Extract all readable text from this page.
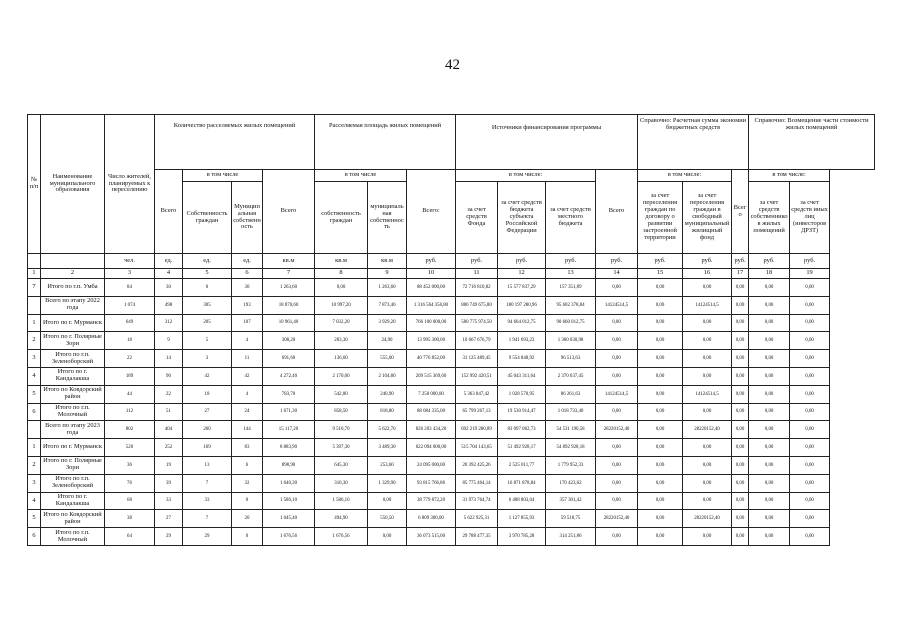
42
№ п/п	Наименование муниципального образования	Число жителей, планируемых к переселению	Количество расселяемых жилых помещений				Расселяемая площадь жилых помещений			Источники финансирования программы				Справочно: Расчетная сумма экономии бюджетных средств			Справочно: Возмещение части стоимости жилых помещений	
			Всего	в том числе		Всего	в том числе		Всего:	в том числе:			Всего	в том числе:		Всего	в том числе:	
				Собственность граждан	Муниципальная собственность		собственность граждан	муниципальная собственность		за счет средств Фонда	за счет средств бюджета субъекта Российской Федерации	за счет средств местного бюджета		за счет переселения граждан по договору о развитии застроенной территории	за счет переселения граждан в свободный муниципальный жилищный фонд		за счет средств собственников жилых помещений	за счет средств иных лиц (инвесторов ДРЗТ)
		чел.	ед.	ед.	ед.	кв.м	кв.м	кв.м	руб.	руб.	руб.	руб.	руб.	руб.	руб.	руб.	руб.	руб.
1	2	3	4	5	6	7	8	9	10	11	12	13	14	15	16	17	18	19
7	Итого по г.п. Умба	84	30	0	30	1 263,60	0,00	1 263,60	88 452 000,00	72 716 810,82	15 577 837,29	157 351,89	0,00	0,00	0,00	0,00	0,00	0,00
	Всего по этапу 2022 года	1 074	498	305	193	18 870,60	10 997,20	7 873,40	1 316 564 356,80	880 749 675,80	180 197 280,96	95 602 378,84	14124514,5	0,00	14124514,5	0,00	0,00	0,00
1	Итого по г. Мурманск	649	312	205	107	10 961,40	7 032,20	3 929,20	766 100 000,00	580 775 974,50	94 664 012,75	90 660 012,75	0,00	0,00	0,00	0,00	0,00	0,00
2	Итого по г. Полярные Зори	18	9	5	4	308,20	283,30	24,90	13 995 300,00	10 667 676,79	1 941 693,23	1 360 030,98	0,00	0,00	0,00	0,00	0,00	0,00
3	Итого по г.п. Зеленоборский	22	14	3	11	691,60	136,60	555,00	40 776 852,00	31 125 489,45	9 554 848,92	96 513,63	0,00	0,00	0,00	0,00	0,00	0,00
4	Итого по г. Кандалакша	189	90	42	42	4 272,40	2 170,00	2 104,80	209 515 369,60	152 992 420,51	45 043 311,64	2 370 637,45	0,00	0,00	0,00	0,00	0,00	0,00
5	Итого по Ковдорский район	44	22	18	4	783,70	542,80	240,90	7 250 000,00	5 363 847,42	1 028 570,95	86 261,63	14124514,5	0,00	14124514,5	0,00	0,00	0,00
6	Итого по г.п. Молочный	112	51	27	24	1 671,30	858,50	818,80	88 084 335,00	65 799 267,13	19 530 914,47	1 018 733,40	0,00	0,00	0,00	0,00	0,00	0,00
	Всего по этапу 2023 года	802	404	260	144	15 117,20	9 510,70	5 622,70	826 203 434,20	692 219 280,89	83 097 062,73	54 531 190,58	28220152,40	0,00	28220152,40	0,00	0,00	0,00
1	Итого по г. Мурманск	520	252	169	83	8 883,90	5 397,30	3 489,30	622 094 000,00	515 704 143,65	51 492 928,17	54 892 928,18	0,00	0,00	0,00	0,00	0,00	0,00
2	Итого по г. Полярные Зори	36	19	13	6	898,90	645,30	253,60	24 095 000,00	20 392 425,26	2 525 011,77	1 779 952,33	0,00	0,00	0,00	0,00	0,00	0,00
3	Итого по г.п. Зеленоборский	76	39	7	32	1 640,30	310,30	1 329,90	93 815 766,86	85 775 464,14	16 871 878,84	170 423,62	0,00	0,00	0,00	0,00	0,00	0,00
4	Итого по г. Кандалакша	68	33	33	0	1 586,10	1 586,10	0,00	38 779 872,20	31 973 764,74	6 408 803,04	357 301,42	0,00	0,00	0,00	0,00	0,00	0,00
5	Итого по Ковдорский район	38	27	7	20	1 045,40	494,90	550,50	6 809 300,00	5 622 925,31	1 127 855,93	59 518,75	28220152,40	0,00	28220152,40	0,00	0,00	0,00
6	Итого по г.п. Молочный	64	29	29	0	1 676,56	1 676,56	0,00	36 073 515,00	29 788 477,35	3 970 785,28	314 251,86	0,00	0,00	0,00	0,00	0,00	0,00
